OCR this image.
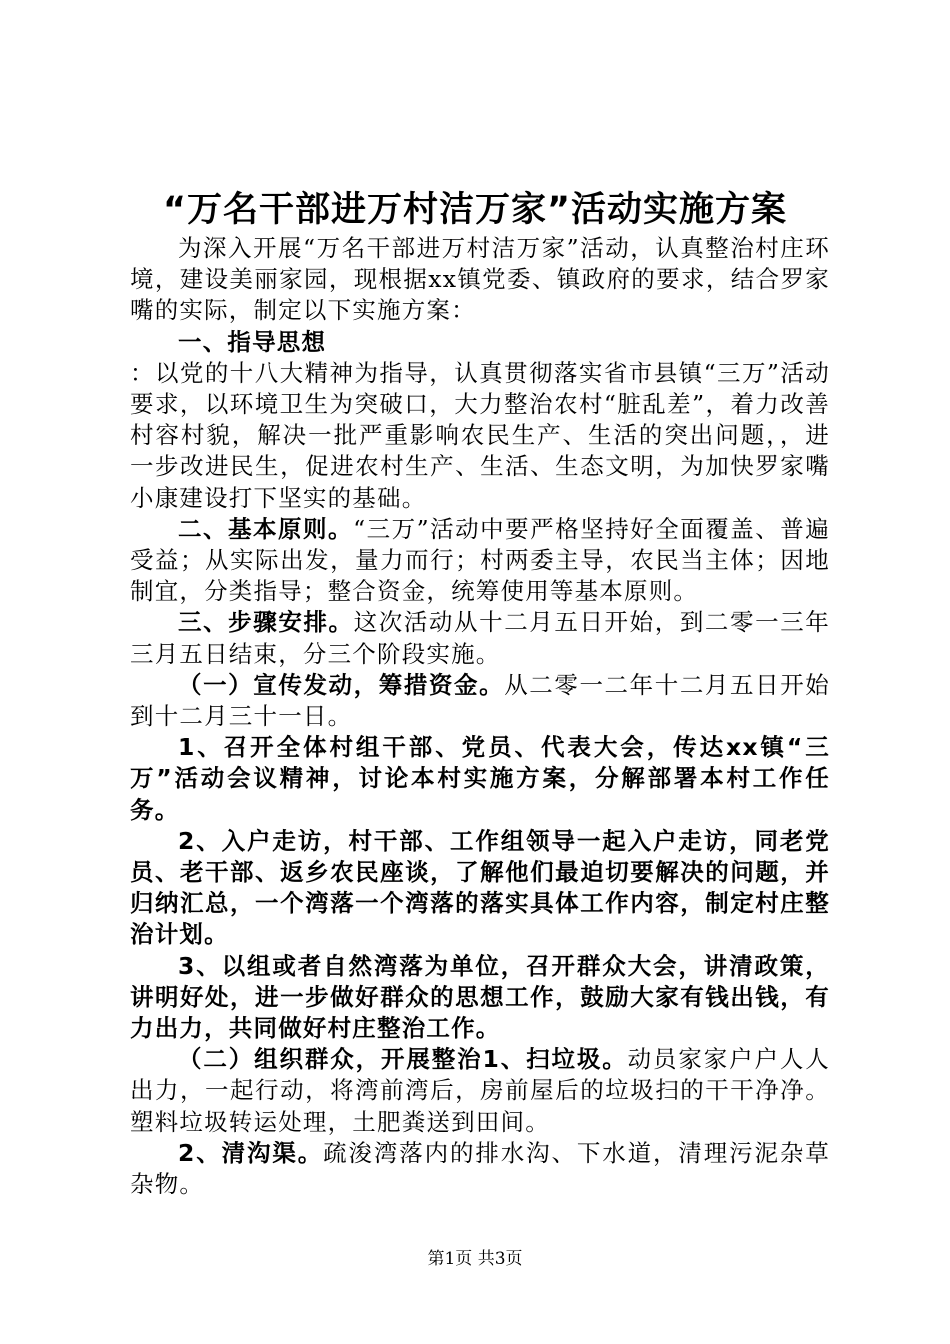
“万名干部进万村洁万家”活动实施方案

为深入开展“万名干部进万村洁万家”活动，认真整治村庄环境，建设美丽家园，现根据xx镇党委、镇政府的要求，结合罗家嘴的实际，制定以下实施方案：

一、指导思想

：以党的十八大精神为指导，认真贯彻落实省市县镇“三万”活动要求，以环境卫生为突破口，大力整治农村“脏乱差”，着力改善村容村貌，解决一批严重影响农民生产、生活的突出问题，，进一步改进民生，促进农村生产、生活、生态文明，为加快罗家嘴小康建设打下坚实的基础。

二、基本原则。“三万”活动中要严格坚持好全面覆盖、普遍受益；从实际出发，量力而行；村两委主导，农民当主体；因地制宜，分类指导；整合资金，统筹使用等基本原则。

三、步骤安排。这次活动从十二月五日开始，到二零一三年三月五日结束，分三个阶段实施。

（一）宣传发动，筹措资金。从二零一二年十二月五日开始到十二月三十一日。

1、召开全体村组干部、党员、代表大会，传达xx镇“三万”活动会议精神，讨论本村实施方案，分解部署本村工作任务。

2、入户走访，村干部、工作组领导一起入户走访，同老党员、老干部、返乡农民座谈，了解他们最迫切要解决的问题，并归纳汇总，一个湾落一个湾落的落实具体工作内容，制定村庄整治计划。

3、以组或者自然湾落为单位，召开群众大会，讲清政策，讲明好处，进一步做好群众的思想工作，鼓励大家有钱出钱，有力出力，共同做好村庄整治工作。

（二）组织群众，开展整治1、扫垃圾。动员家家户户人人出力，一起行动，将湾前湾后，房前屋后的垃圾扫的干干净净。塑料垃圾转运处理，土肥粪送到田间。

2、清沟渠。疏浚湾落内的排水沟、下水道，清理污泥杂草杂物。

第1页 共3页
